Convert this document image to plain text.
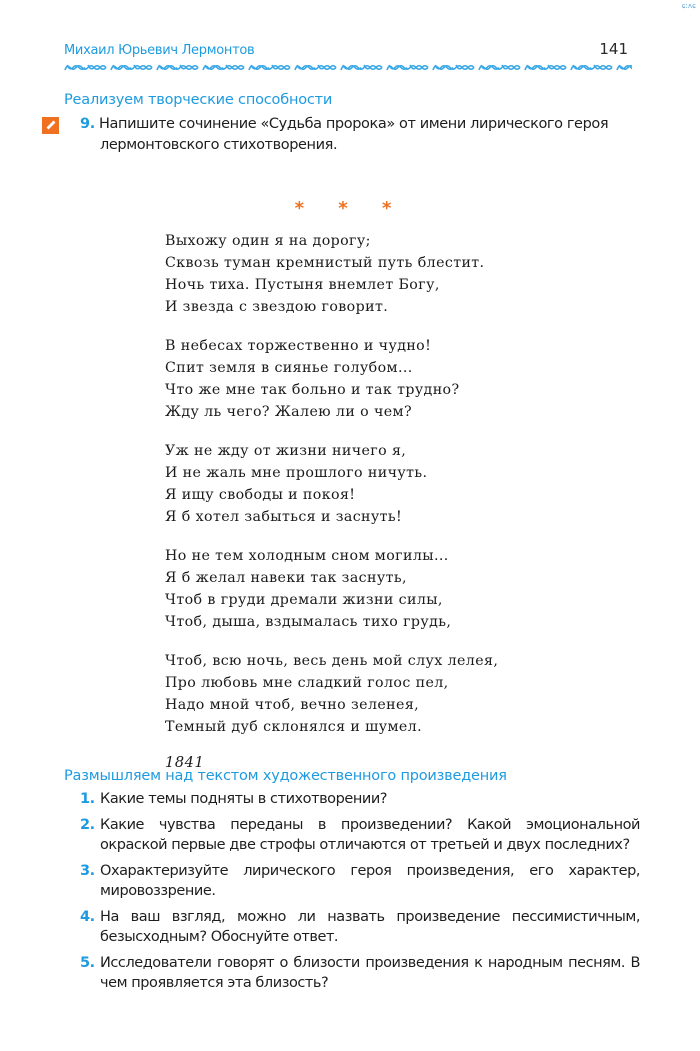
ɕːʌɕ
Михаил Юрьевич Лермонтов	141
Реализуем творческие способности
9. Напишите сочинение «Судьба пророка» от имени лирического героя
лермонтовского стихотворения.
* * *
Выхожу один я на дорогу;
Сквозь туман кремнистый путь блестит.
Ночь тиха. Пустыня внемлет Богу,
И звезда с звездою говорит.
В небесах торжественно и чудно!
Спит земля в сиянье голубом...
Что же мне так больно и так трудно?
Жду ль чего? Жалею ли о чем?
Уж не жду от жизни ничего я,
И не жаль мне прошлого ничуть.
Я ищу свободы и покоя!
Я б хотел забыться и заснуть!
Но не тем холодным сном могилы...
Я б желал навеки так заснуть,
Чтоб в груди дремали жизни силы,
Чтоб, дыша, вздымалась тихо грудь,
Чтоб, всю ночь, весь день мой слух лелея,
Про любовь мне сладкий голос пел,
Надо мной чтоб, вечно зеленея,
Темный дуб склонялся и шумел.
1841
Размышляем над текстом художественного произведения
1. Какие темы подняты в стихотворении?
2. Какие чувства переданы в произведении? Какой эмоциональной окраской первые две строфы отличаются от третьей и двух последних?
3. Охарактеризуйте лирического героя произведения, его характер, мировоззрение.
4. На ваш взгляд, можно ли назвать произведение пессимистичным, безысходным? Обоснуйте ответ.
5. Исследователи говорят о близости произведения к народным песням. В чем проявляется эта близость?
